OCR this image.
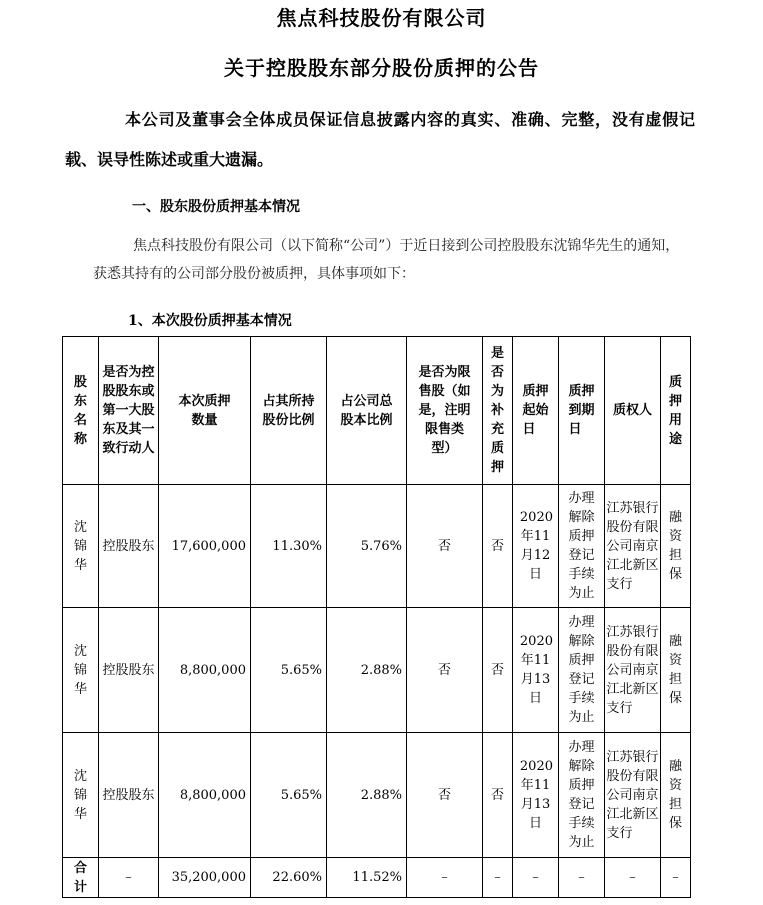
焦点科技股份有限公司
关于控股股东部分股份质押的公告
本公司及董事会全体成员保证信息披露内容的真实、准确、完整，没有虚假记载、误导性陈述或重大遗漏。
一、股东股份质押基本情况
焦点科技股份有限公司（以下简称“公司”）于近日接到公司控股股东沈锦华先生的通知，获悉其持有的公司部分股份被质押，具体事项如下：
1、本次股份质押基本情况
股东名称	是否为控股股东或第一大股东及其一致行动人	本次质押数量	占其所持股份比例	占公司总股本比例	是否为限售股（如是，注明限售类型）	是否为补充质押	质押起始日	质押到期日	质权人	质押用途
沈锦华	控股股东	17,600,000	11.30%	5.76%	否	否	2020年11月12日	办理解除质押登记手续为止	江苏银行股份有限公司南京江北新区支行	融资担保
沈锦华	控股股东	8,800,000	5.65%	2.88%	否	否	2020年11月13日	办理解除质押登记手续为止	江苏银行股份有限公司南京江北新区支行	融资担保
沈锦华	控股股东	8,800,000	5.65%	2.88%	否	否	2020年11月13日	办理解除质押登记手续为止	江苏银行股份有限公司南京江北新区支行	融资担保
合计	–	35,200,000	22.60%	11.52%	–	–	–	–	–	–
